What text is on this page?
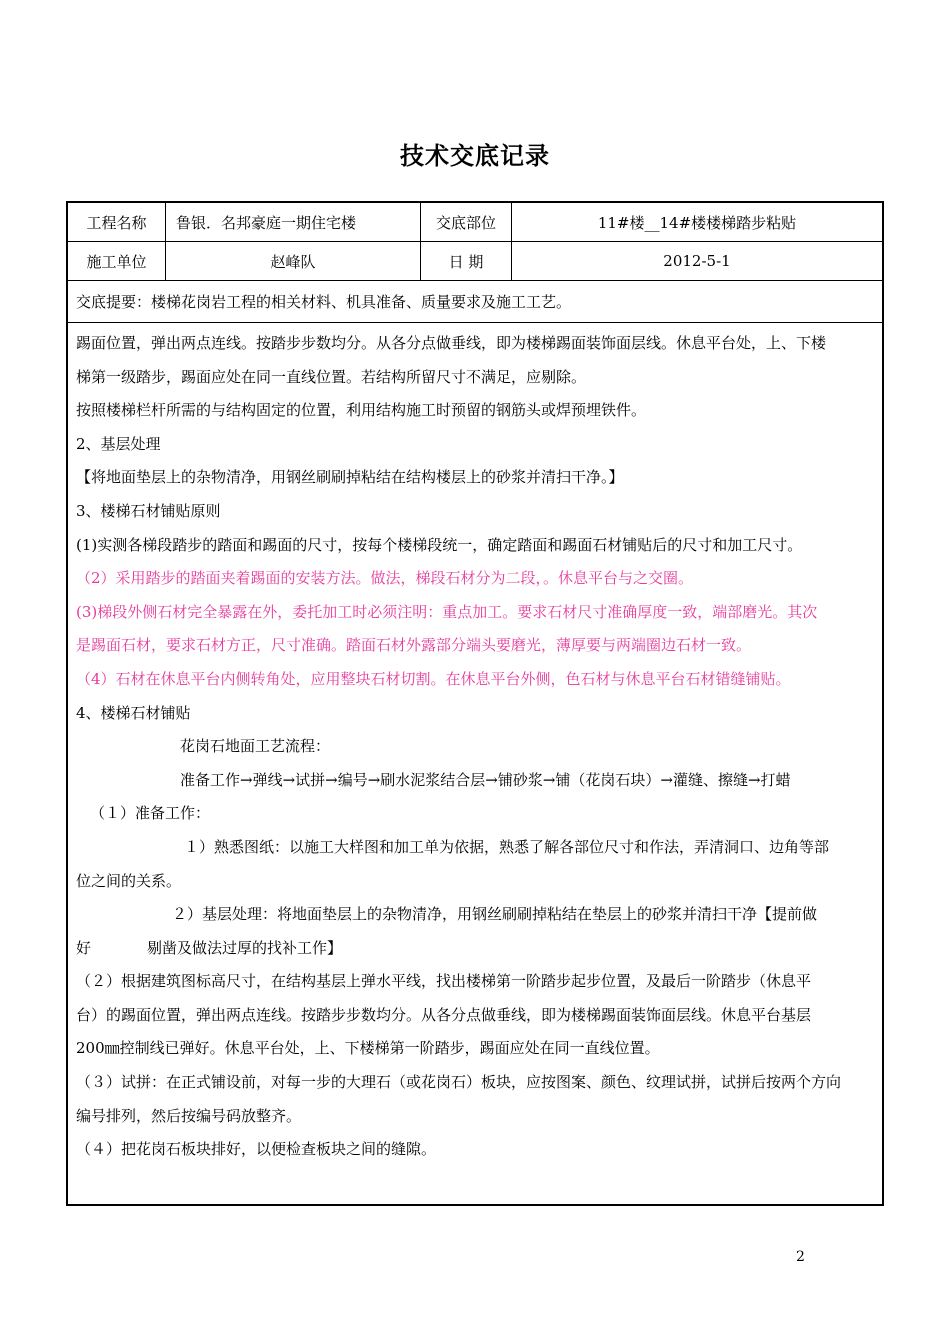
技术交底记录
工程名称	鲁银．名邦豪庭一期住宅楼	交底部位	11#楼__14#楼楼梯踏步粘贴
施工单位	赵峰队	日 期	2012-5-1
交底提要：楼梯花岗岩工程的相关材料、机具准备、质量要求及施工工艺。
踢面位置，弹出两点连线。按踏步步数均分。从各分点做垂线，即为楼梯踢面装饰面层线。休息平台处，上、下楼
梯第一级踏步，踢面应处在同一直线位置。若结构所留尺寸不满足，应剔除。
按照楼梯栏杆所需的与结构固定的位置，利用结构施工时预留的钢筋头或焊预埋铁件。
2、基层处理
【将地面垫层上的杂物清净，用钢丝刷刷掉粘结在结构楼层上的砂浆并清扫干净。】
3、楼梯石材铺贴原则
(1)实测各梯段踏步的踏面和踢面的尺寸，按每个楼梯段统一，确定踏面和踢面石材铺贴后的尺寸和加工尺寸。
（2）采用踏步的踏面夹着踢面的安装方法。做法，梯段石材分为二段，。休息平台与之交圈。
(3)梯段外侧石材完全暴露在外，委托加工时必须注明：重点加工。要求石材尺寸准确厚度一致，端部磨光。其次
是踢面石材，要求石材方正，尺寸准确。踏面石材外露部分端头要磨光，薄厚要与两端圈边石材一致。
（4）石材在休息平台内侧转角处，应用整块石材切割。在休息平台外侧，色石材与休息平台石材错缝铺贴。
4、楼梯石材铺贴
花岗石地面工艺流程：
准备工作→弹线→试拼→编号→刷水泥浆结合层→铺砂浆→铺（花岗石块）→灌缝、擦缝→打蜡
（１）准备工作：
１）熟悉图纸：以施工大样图和加工单为依据，熟悉了解各部位尺寸和作法，弄清洞口、边角等部
位之间的关系。
２）基层处理：将地面垫层上的杂物清净，用钢丝刷刷掉粘结在垫层上的砂浆并清扫干净【提前做
好	剔凿及做法过厚的找补工作】
（２）根据建筑图标高尺寸，在结构基层上弹水平线，找出楼梯第一阶踏步起步位置，及最后一阶踏步（休息平
台）的踢面位置，弹出两点连线。按踏步步数均分。从各分点做垂线，即为楼梯踢面装饰面层线。休息平台基层
200㎜控制线已弹好。休息平台处，上、下楼梯第一阶踏步，踢面应处在同一直线位置。
（３）试拼：在正式铺设前，对每一步的大理石（或花岗石）板块，应按图案、颜色、纹理试拼，试拼后按两个方向
编号排列，然后按编号码放整齐。
（４）把花岗石板块排好，以便检查板块之间的缝隙。
2
